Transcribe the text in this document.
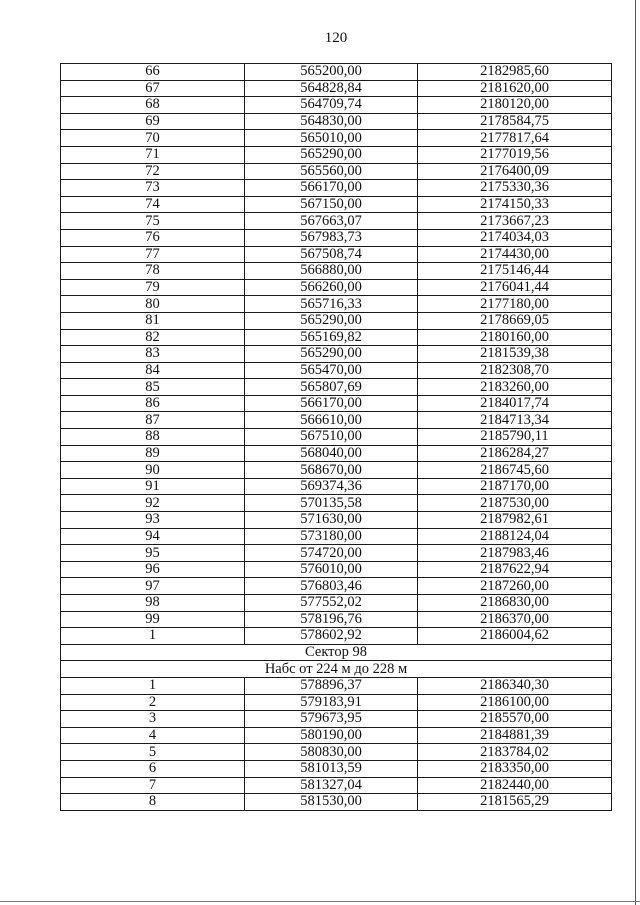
120
66	565200,00	2182985,60
67	564828,84	2181620,00
68	564709,74	2180120,00
69	564830,00	2178584,75
70	565010,00	2177817,64
71	565290,00	2177019,56
72	565560,00	2176400,09
73	566170,00	2175330,36
74	567150,00	2174150,33
75	567663,07	2173667,23
76	567983,73	2174034,03
77	567508,74	2174430,00
78	566880,00	2175146,44
79	566260,00	2176041,44
80	565716,33	2177180,00
81	565290,00	2178669,05
82	565169,82	2180160,00
83	565290,00	2181539,38
84	565470,00	2182308,70
85	565807,69	2183260,00
86	566170,00	2184017,74
87	566610,00	2184713,34
88	567510,00	2185790,11
89	568040,00	2186284,27
90	568670,00	2186745,60
91	569374,36	2187170,00
92	570135,58	2187530,00
93	571630,00	2187982,61
94	573180,00	2188124,04
95	574720,00	2187983,46
96	576010,00	2187622,94
97	576803,46	2187260,00
98	577552,02	2186830,00
99	578196,76	2186370,00
1	578602,92	2186004,62
Сектор 98		
Набс от 224 м до 228 м		
1	578896,37	2186340,30
2	579183,91	2186100,00
3	579673,95	2185570,00
4	580190,00	2184881,39
5	580830,00	2183784,02
6	581013,59	2183350,00
7	581327,04	2182440,00
8	581530,00	2181565,29
